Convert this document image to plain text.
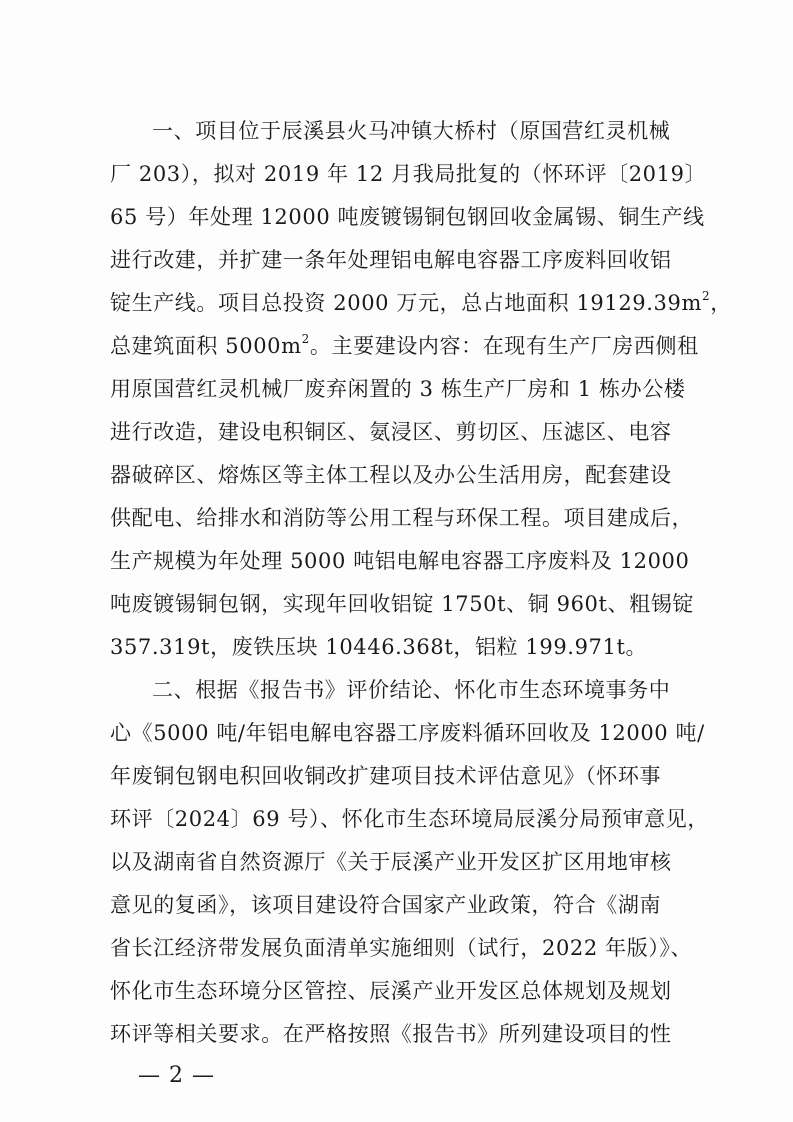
一、项目位于辰溪县火马冲镇大桥村（原国营红灵机械
厂 203），拟对 2019 年 12 月我局批复的（怀环评〔2019〕
65 号）年处理 12000 吨废镀锡铜包钢回收金属锡、铜生产线
进行改建，并扩建一条年处理铝电解电容器工序废料回收铝
锭生产线。项目总投资 2000 万元，总占地面积 $19129.39m^2$，
总建筑面积 $5000m^2$。主要建设内容：在现有生产厂房西侧租
用原国营红灵机械厂废弃闲置的 3 栋生产厂房和 1 栋办公楼
进行改造，建设电积铜区、氨浸区、剪切区、压滤区、电容
器破碎区、熔炼区等主体工程以及办公生活用房，配套建设
供配电、给排水和消防等公用工程与环保工程。项目建成后，
生产规模为年处理 5000 吨铝电解电容器工序废料及 12000
吨废镀锡铜包钢，实现年回收铝锭 1750t、铜 960t、粗锡锭
357.319t，废铁压块 10446.368t，铝粒 199.971t。
二、根据《报告书》评价结论、怀化市生态环境事务中
心《5000 吨/年铝电解电容器工序废料循环回收及 12000 吨/
年废铜包钢电积回收铜改扩建项目技术评估意见》（怀环事
环评〔2024〕69 号）、怀化市生态环境局辰溪分局预审意见，
以及湖南省自然资源厅《关于辰溪产业开发区扩区用地审核
意见的复函》，该项目建设符合国家产业政策，符合《湖南
省长江经济带发展负面清单实施细则（试行，2022 年版）》、
怀化市生态环境分区管控、辰溪产业开发区总体规划及规划
环评等相关要求。在严格按照《报告书》所列建设项目的性
— 2 —
